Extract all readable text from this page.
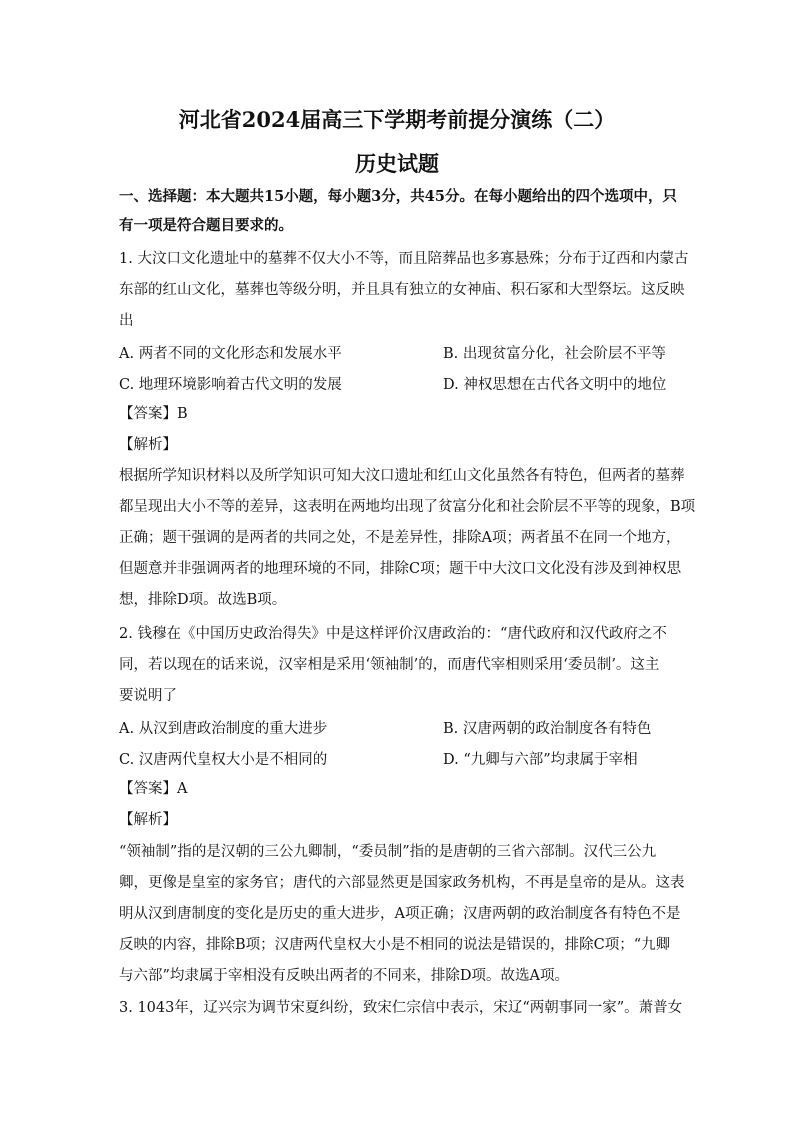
河北省2024届高三下学期考前提分演练（二）
历史试题
一、选择题：本大题共15小题，每小题3分，共45分。在每小题给出的四个选项中，只
有一项是符合题目要求的。
1. 大汶口文化遗址中的墓葬不仅大小不等，而且陪葬品也多寡悬殊；分布于辽西和内蒙古
东部的红山文化，墓葬也等级分明，并且具有独立的女神庙、积石冢和大型祭坛。这反映
出
A. 两者不同的文化形态和发展水平	B. 出现贫富分化，社会阶层不平等
C. 地理环境影响着古代文明的发展	D. 神权思想在古代各文明中的地位
【答案】B
【解析】
根据所学知识材料以及所学知识可知大汶口遗址和红山文化虽然各有特色，但两者的墓葬
都呈现出大小不等的差异，这表明在两地均出现了贫富分化和社会阶层不平等的现象，B项
正确；题干强调的是两者的共同之处，不是差异性，排除A项；两者虽不在同一个地方，
但题意并非强调两者的地理环境的不同，排除C项；题干中大汶口文化没有涉及到神权思
想，排除D项。故选B项。
2. 钱穆在《中国历史政治得失》中是这样评价汉唐政治的：“唐代政府和汉代政府之不
同，若以现在的话来说，汉宰相是采用‘领袖制’的，而唐代宰相则采用‘委员制’。这主
要说明了
A. 从汉到唐政治制度的重大进步	B. 汉唐两朝的政治制度各有特色
C. 汉唐两代皇权大小是不相同的	D. “九卿与六部”均隶属于宰相
【答案】A
【解析】
“领袖制”指的是汉朝的三公九卿制，“委员制”指的是唐朝的三省六部制。汉代三公九
卿，更像是皇室的家务官；唐代的六部显然更是国家政务机构，不再是皇帝的是从。这表
明从汉到唐制度的变化是历史的重大进步，A项正确；汉唐两朝的政治制度各有特色不是
反映的内容，排除B项；汉唐两代皇权大小是不相同的说法是错误的，排除C项；“九卿
与六部”均隶属于宰相没有反映出两者的不同来，排除D项。故选A项。
3. 1043年，辽兴宗为调节宋夏纠纷，致宋仁宗信中表示，宋辽“两朝事同一家”。萧普女
